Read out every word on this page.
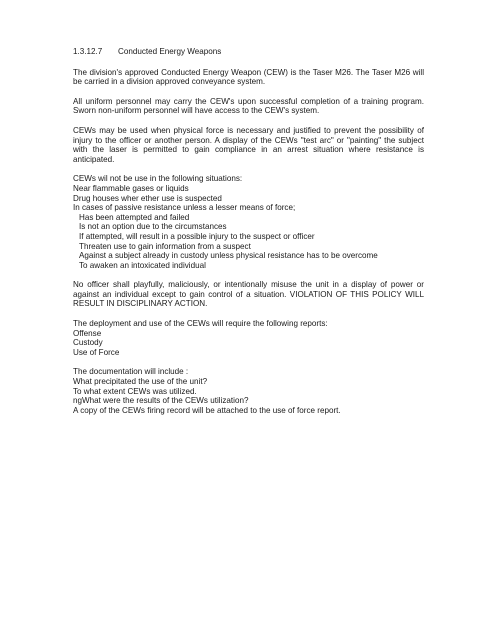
1.3.12.7	Conducted Energy Weapons

The division's approved Conducted Energy Weapon (CEW) is the Taser M26. The Taser M26 will be carried in a division approved conveyance system.

All uniform personnel may carry the CEW's upon successful completion of a training program. Sworn non-uniform personnel will have access to the CEW's system.

CEWs may be used when physical force is necessary and justified to prevent the possibility of injury to the officer or another person. A display of the CEWs "test arc" or "painting" the subject with the laser is permitted to gain compliance in an arrest situation where resistance is anticipated.

CEWs wil not be use in the following situations:
Near flammable gases or liquids
Drug houses wher ether use is suspected
In cases of passive resistance unless a lesser means of force;
Has been attempted and failed
Is not an option due to the circumstances
If attempted, will result in a possible injury to the suspect or officer
Threaten use to gain information from a suspect
Against a subject already in custody unless physical resistance has to be overcome
To awaken an intoxicated individual

No officer shall playfully, maliciously, or intentionally misuse the unit in a display of power or against an individual except to gain control of a situation. VIOLATION OF THIS POLICY WILL RESULT IN DISCIPLINARY ACTION.

The deployment and use of the CEWs will require the following reports:
Offense
Custody
Use of Force
The documentation will include :
What precipitated the use of the unit?
To what extent CEWs was utilized.
ngWhat were the results of the CEWs utilization?
A copy of the CEWs firing record will be attached to the use of force report.
